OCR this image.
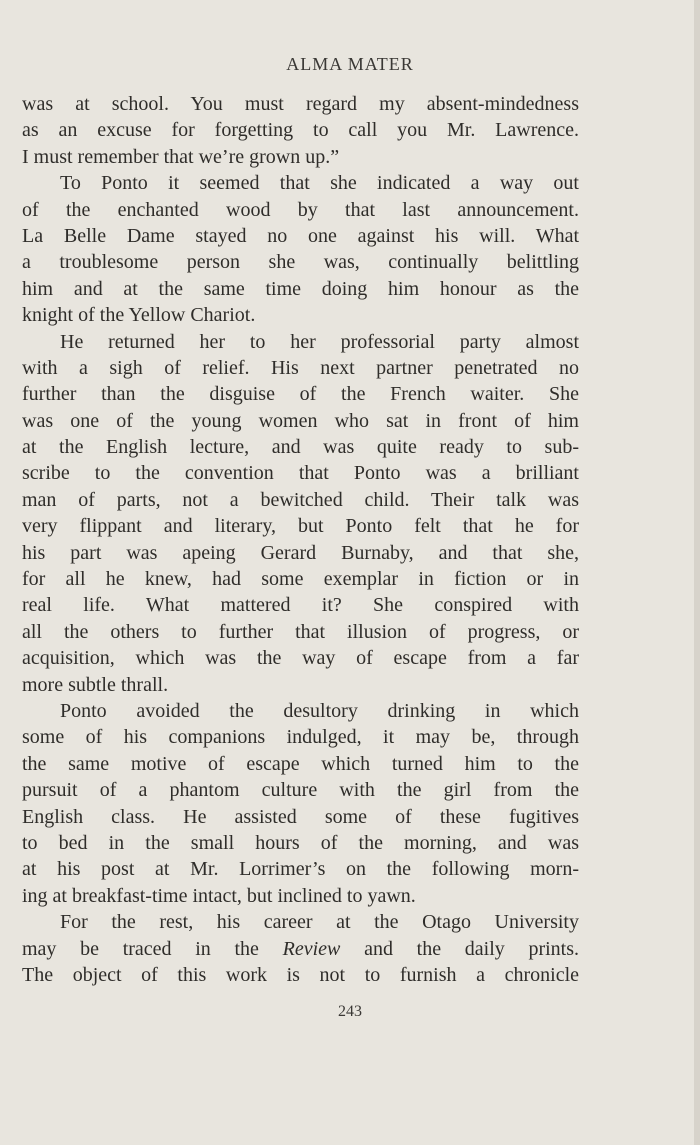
ALMA MATER
was at school. You must regard my absent-mindedness
as an excuse for forgetting to call you Mr. Lawrence.
I must remember that we’re grown up.”
To Ponto it seemed that she indicated a way out
of the enchanted wood by that last announcement.
La Belle Dame stayed no one against his will. What
a troublesome person she was, continually belittling
him and at the same time doing him honour as the
knight of the Yellow Chariot.
He returned her to her professorial party almost
with a sigh of relief. His next partner penetrated no
further than the disguise of the French waiter. She
was one of the young women who sat in front of him
at the English lecture, and was quite ready to sub-
scribe to the convention that Ponto was a brilliant
man of parts, not a bewitched child. Their talk was
very flippant and literary, but Ponto felt that he for
his part was apeing Gerard Burnaby, and that she,
for all he knew, had some exemplar in fiction or in
real life. What mattered it? She conspired with
all the others to further that illusion of progress, or
acquisition, which was the way of escape from a far
more subtle thrall.
Ponto avoided the desultory drinking in which
some of his companions indulged, it may be, through
the same motive of escape which turned him to the
pursuit of a phantom culture with the girl from the
English class. He assisted some of these fugitives
to bed in the small hours of the morning, and was
at his post at Mr. Lorrimer’s on the following morn-
ing at breakfast-time intact, but inclined to yawn.
For the rest, his career at the Otago University
may be traced in the Review and the daily prints.
The object of this work is not to furnish a chronicle
243
